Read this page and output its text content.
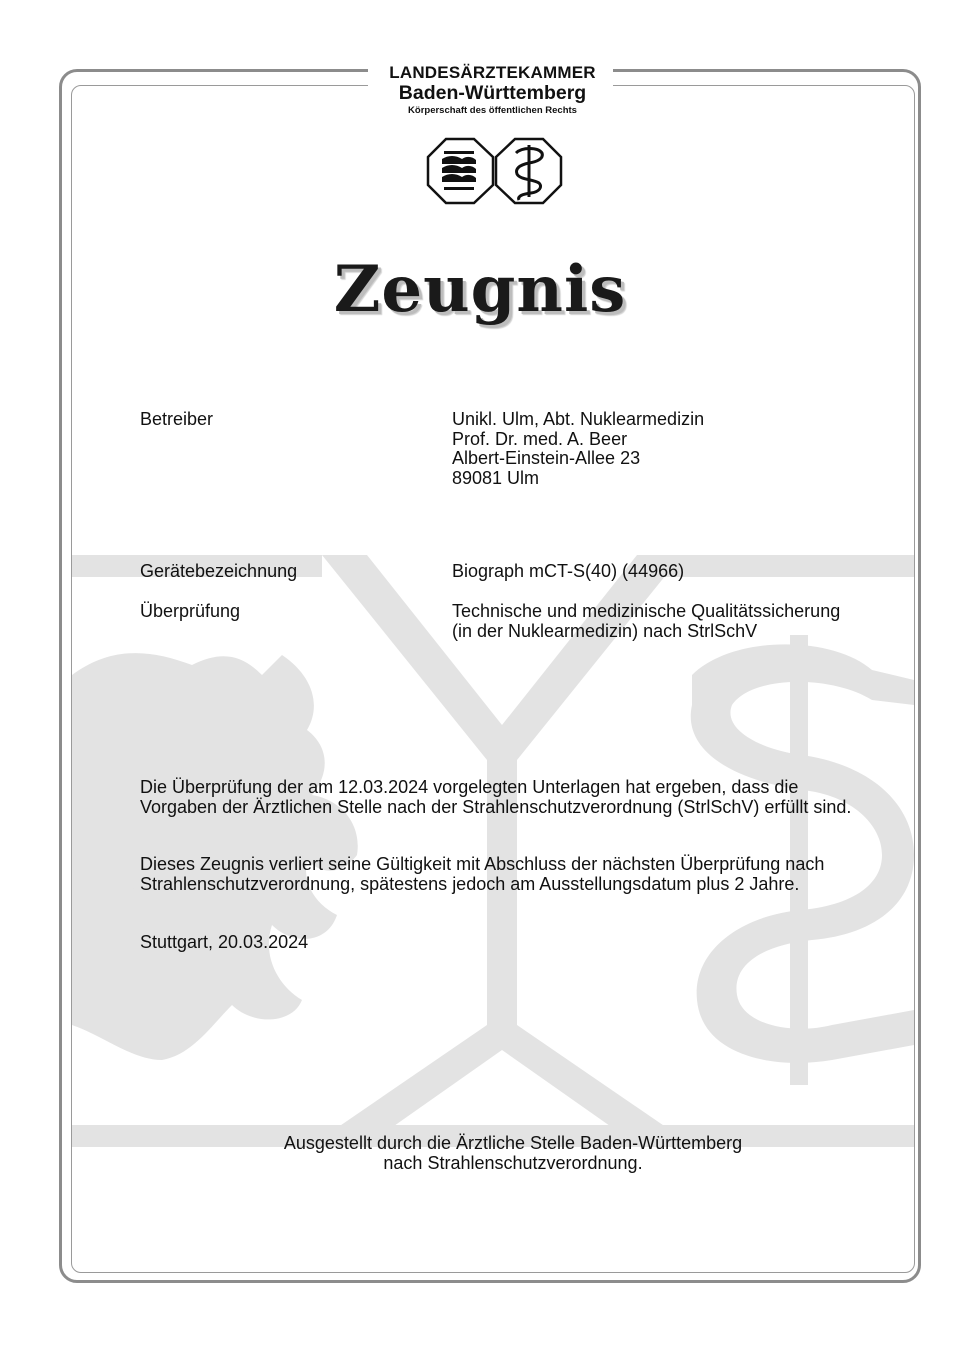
LANDESÄRZTEKAMMER
Baden-Württemberg
Körperschaft des öffentlichen Rechts
Zeugnis
Betreiber	Unikl. Ulm, Abt. Nuklearmedizin
Prof. Dr. med. A. Beer
Albert-Einstein-Allee 23
89081 Ulm
Gerätebezeichnung	Biograph mCT-S(40) (44966)
Überprüfung	Technische und medizinische Qualitätssicherung
(in der Nuklearmedizin) nach StrlSchV
Die Überprüfung der am 12.03.2024 vorgelegten Unterlagen hat ergeben, dass die Vorgaben der Ärztlichen Stelle nach der Strahlenschutzverordnung (StrlSchV) erfüllt sind.
Dieses Zeugnis verliert seine Gültigkeit mit Abschluss der nächsten Überprüfung nach Strahlenschutzverordnung, spätestens jedoch am Ausstellungsdatum plus 2 Jahre.
Stuttgart, 20.03.2024
Ausgestellt durch die Ärztliche Stelle Baden-Württemberg
nach Strahlenschutzverordnung.
